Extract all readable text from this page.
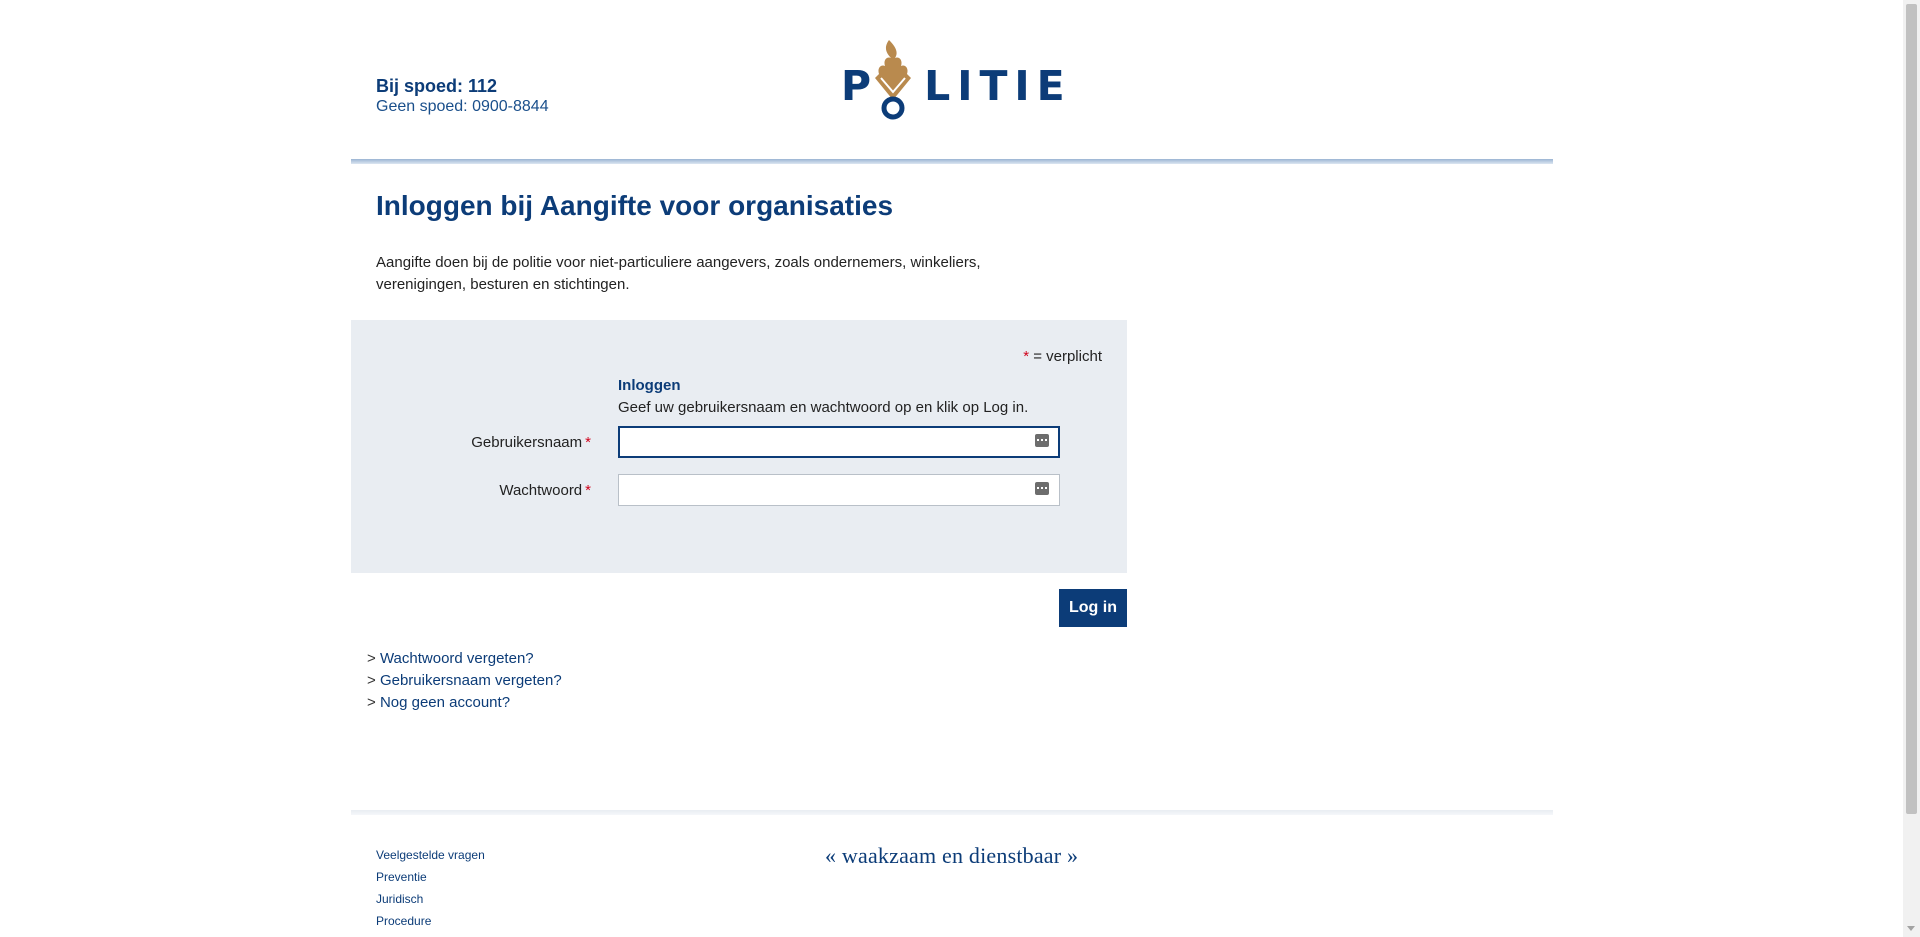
Bij spoed: 112
Geen spoed: 0900-8844	P LITIE
Inloggen bij Aangifte voor organisaties

Aangifte doen bij de politie voor niet-particuliere aangevers, zoals ondernemers, winkeliers, verenigingen, besturen en stichtingen.

* = verplicht
Inloggen
Geef uw gebruikersnaam en wachtwoord op en klik op Log in.
Gebruikersnaam *
Wachtwoord *
Log in
> Wachtwoord vergeten?
> Gebruikersnaam vergeten?
> Nog geen account?
Veelgestelde vragen
Preventie
Juridisch
Procedure
« waakzaam en dienstbaar »
